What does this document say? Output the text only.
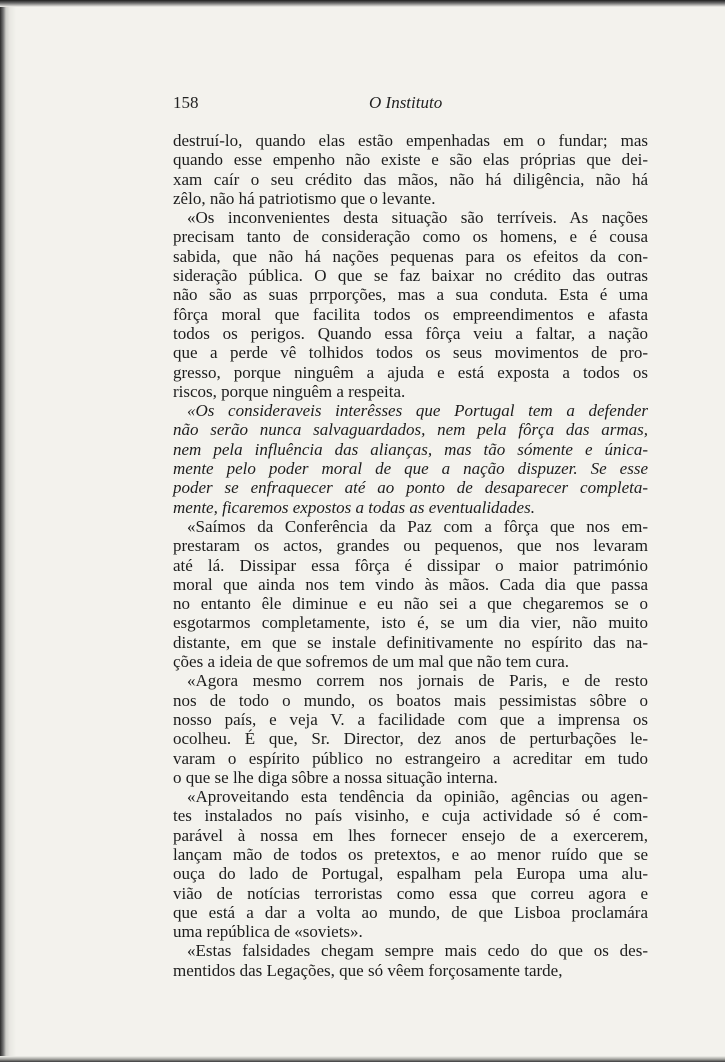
158	O Instituto
destruí-lo, quando elas estão empenhadas em o fundar; mas
quando esse empenho não existe e são elas próprias que dei-
xam caír o seu crédito das mãos, não há diligência, não há
zêlo, não há patriotismo que o levante.
«Os inconvenientes desta situação são terríveis. As nações
precisam tanto de consideração como os homens, e é cousa
sabida, que não há nações pequenas para os efeitos da con-
sideração pública. O que se faz baixar no crédito das outras
não são as suas prrporções, mas a sua conduta. Esta é uma
fôrça moral que facilita todos os empreendimentos e afasta
todos os perigos. Quando essa fôrça veiu a faltar, a nação
que a perde vê tolhidos todos os seus movimentos de pro-
gresso, porque ninguêm a ajuda e está exposta a todos os
riscos, porque ninguêm a respeita.
«Os consideraveis interêsses que Portugal tem a defender
não serão nunca salvaguardados, nem pela fôrça das armas,
nem pela influência das alianças, mas tão sómente e únicа-
mente pelo poder moral de que a nação dispuzer. Se esse
poder se enfraquecer até ao ponto de desaparecer completa-
mente, ficaremos expostos a todas as eventualidades.
«Saímos da Conferência da Paz com a fôrça que nos em-
prestaram os actos, grandes ou pequenos, que nos levaram
até lá. Dissipar essa fôrça é dissipar o maior património
moral que ainda nos tem vindo às mãos. Cada dia que passa
no entanto êle diminue e eu não sei a que chegaremos se o
esgotarmos completamente, isto é, se um dia vier, não muito
distante, em que se instale definitivamente no espírito das na-
ções a ideia de que sofremos de um mal que não tem cura.
«Agora mesmo correm nos jornais de Paris, e de resto
nos de todo o mundo, os boatos mais pessimistas sôbre o
nosso país, e veja V. a facilidade com que a imprensa os
ocolheu. É que, Sr. Director, dez anos de perturbações le-
varam o espírito público no estrangeiro a acreditar em tudo
o que se lhe diga sôbre a nossa situação interna.
«Aproveitando esta tendência da opinião, agências ou agen-
tes instalados no país visinho, e cuja actividade só é com-
parável à nossa em lhes fornecer ensejo de a exercerem,
lançam mão de todos os pretextos, e ao menor ruído que se
ouça do lado de Portugal, espalham pela Europa uma alu-
vião de notícias terroristas como essa que correu agora e
que está a dar a volta ao mundo, de que Lisboa proclamára
uma república de «soviets».
«Estas falsidades chegam sempre mais cedo do que os des-
mentidos das Legações, que só vêem forçosamente tarde,
